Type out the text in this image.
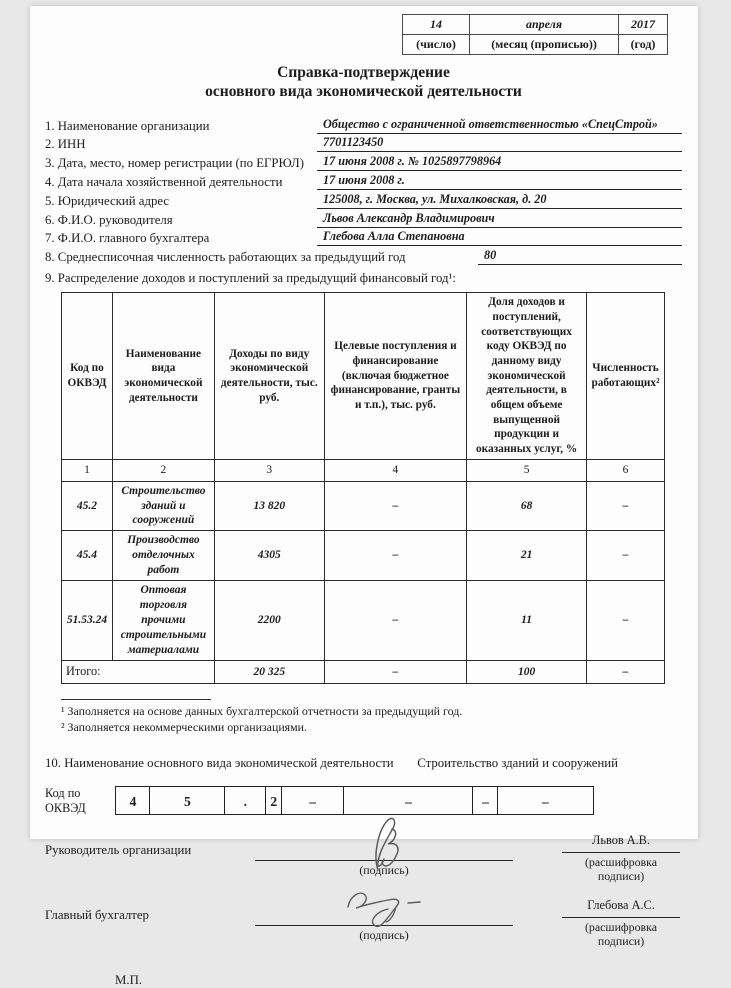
14	апреля	2017
(число)	(месяц (прописью))	(год)
Справка-подтверждение
основного вида экономической деятельности
1. Наименование организации	Общество с ограниченной ответственностью «СпецСтрой»
2. ИНН	7701123450
3. Дата, место, номер регистрации (по ЕГРЮЛ)	17 июня 2008 г. № 1025897798964
4. Дата начала хозяйственной деятельности	17 июня 2008 г.
5. Юридический адрес	125008, г. Москва, ул. Михалковская, д. 20
6. Ф.И.О. руководителя	Львов Александр Владимирович
7. Ф.И.О. главного бухгалтера	Глебова Алла Степановна
8. Среднесписочная численность работающих за предыдущий год	80
9. Распределение доходов и поступлений за предыдущий финансовый год¹:
Код по ОКВЭД	Наименование вида экономической деятельности	Доходы по виду экономической деятельности, тыс. руб.	Целевые поступления и финансирование (включая бюджетное финансирование, гранты и т.п.), тыс. руб.	Доля доходов и поступлений, соответствующих коду ОКВЭД по данному виду экономической деятельности, в общем объеме выпущенной продукции и оказанных услуг, %	Численность работающих²
1	2	3	4	5	6
45.2	Строительство зданий и сооружений	13 820	–	68	–
45.4	Производство отделочных работ	4305	–	21	–
51.53.24	Оптовая торговля прочими строительными материалами	2200	–	11	–
Итого:		20 325	–	100	–
¹ Заполняется на основе данных бухгалтерской отчетности за предыдущий год.
² Заполняется некоммерческими организациями.
10. Наименование основного вида экономической деятельности Строительство зданий и сооружений
Код по ОКВЭД	4	5	.	2	–	–	–	–
Руководитель организации
(подпись)
Львов А.В.
(расшифровка подписи)
Главный бухгалтер
(подпись)
Глебова А.С.
(расшифровка подписи)
М.П.
